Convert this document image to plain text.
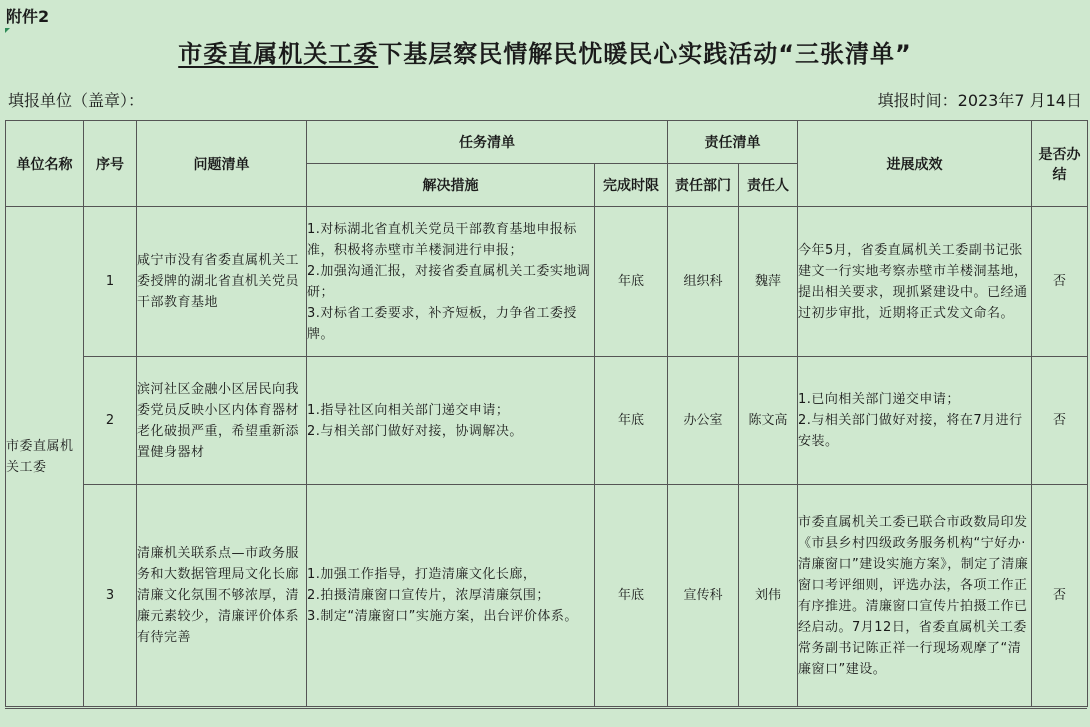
附件2
市委直属机关工委下基层察民情解民忧暖民心实践活动“三张清单”
填报单位（盖章）：	填报时间：2023年7 月14日
单位名称	序号	问题清单	任务清单		责任清单		进展成效	是否办结
			解决措施	完成时限	责任部门	责任人		
市委直属机关工委	1	咸宁市没有省委直属机关工委授牌的湖北省直机关党员干部教育基地	1.对标湖北省直机关党员干部教育基地申报标准，积极将赤壁市羊楼洞进行申报；
2.加强沟通汇报，对接省委直属机关工委实地调研；
3.对标省工委要求，补齐短板，力争省工委授牌。	年底	组织科	魏萍	今年5月，省委直属机关工委副书记张建文一行实地考察赤壁市羊楼洞基地，提出相关要求，现抓紧建设中。已经通过初步审批，近期将正式发文命名。	否
	2	滨河社区金融小区居民向我委党员反映小区内体育器材老化破损严重，希望重新添置健身器材	1.指导社区向相关部门递交申请；
2.与相关部门做好对接，协调解决。	年底	办公室	陈文高	1.已向相关部门递交申请；
2.与相关部门做好对接，将在7月进行安装。	否
	3	清廉机关联系点—市政务服务和大数据管理局文化长廊清廉文化氛围不够浓厚，清廉元素较少，清廉评价体系有待完善	1.加强工作指导，打造清廉文化长廊，
2.拍摄清廉窗口宣传片，浓厚清廉氛围；
3.制定“清廉窗口”实施方案，出台评价体系。	年底	宣传科	刘伟	市委直属机关工委已联合市政数局印发《市县乡村四级政务服务机构“宁好办·清廉窗口”建设实施方案》，制定了清廉窗口考评细则，评选办法，各项工作正有序推进。清廉窗口宣传片拍摄工作已经启动。7月12日，省委直属机关工委常务副书记陈正祥一行现场观摩了“清廉窗口”建设。	否
